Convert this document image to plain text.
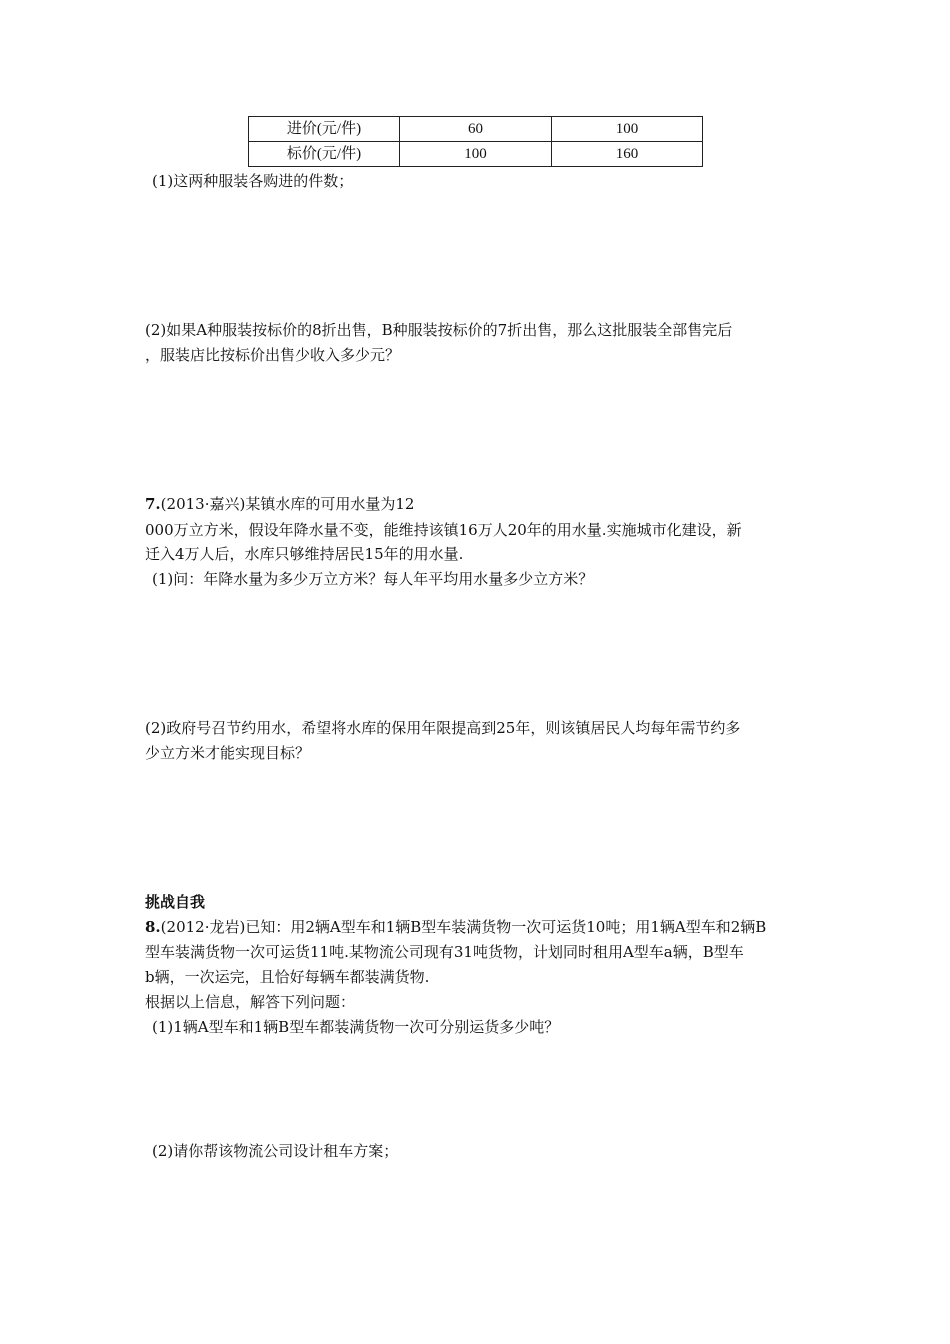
进价(元/件)	60	100
标价(元/件)	100	160
(1)这两种服装各购进的件数；
(2)如果A种服装按标价的8折出售，B种服装按标价的7折出售，那么这批服装全部售完后
，服装店比按标价出售少收入多少元？
7.(2013·嘉兴)某镇水库的可用水量为12
000万立方米，假设年降水量不变，能维持该镇16万人20年的用水量.实施城市化建设，新
迁入4万人后，水库只够维持居民15年的用水量.
(1)问：年降水量为多少万立方米？每人年平均用水量多少立方米？
(2)政府号召节约用水，希望将水库的保用年限提高到25年，则该镇居民人均每年需节约多
少立方米才能实现目标？
挑战自我
8.(2012·龙岩)已知：用2辆A型车和1辆B型车装满货物一次可运货10吨；用1辆A型车和2辆B
型车装满货物一次可运货11吨.某物流公司现有31吨货物，计划同时租用A型车a辆，B型车
b辆，一次运完，且恰好每辆车都装满货物.
根据以上信息，解答下列问题：
(1)1辆A型车和1辆B型车都装满货物一次可分别运货多少吨？
(2)请你帮该物流公司设计租车方案；
